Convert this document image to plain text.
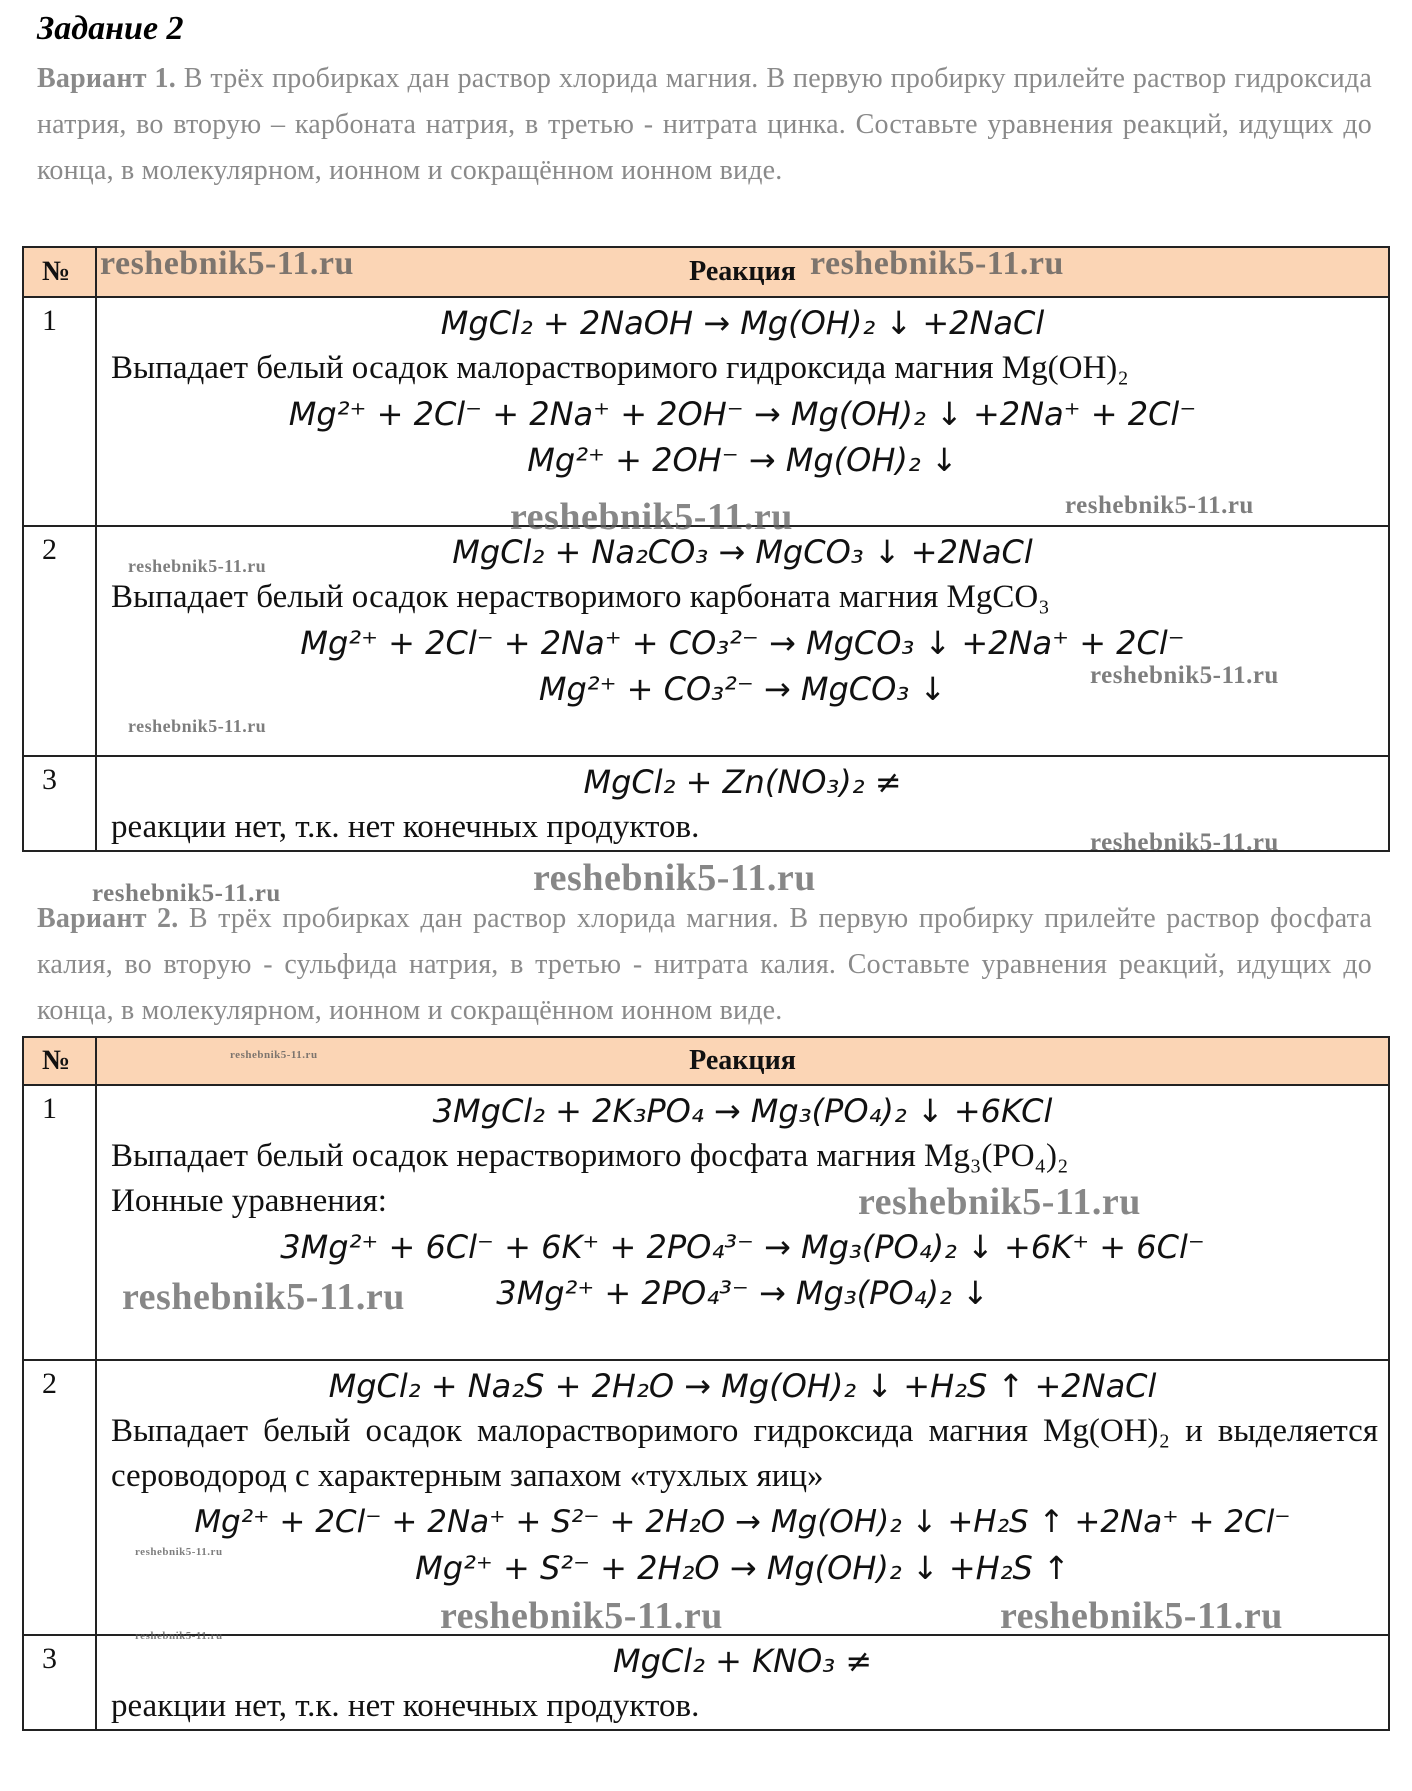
Задание 2
Вариант 1. В трёх пробирках дан раствор хлорида магния. В первую пробирку прилейте раствор гидроксида натрия, во вторую – карбоната натрия, в третью - нитрата цинка. Составьте уравнения реакций, идущих до конца, в молекулярном, ионном и сокращённом ионном виде.
№	Реакция
1	MgCl₂ + 2NaOH → Mg(OH)₂ ↓ +2NaCl
Выпадает белый осадок малорастворимого гидроксида магния Mg(OH)₂
Mg²⁺ + 2Cl⁻ + 2Na⁺ + 2OH⁻ → Mg(OH)₂ ↓ +2Na⁺ + 2Cl⁻
Mg²⁺ + 2OH⁻ → Mg(OH)₂ ↓

2	MgCl₂ + Na₂CO₃ → MgCO₃ ↓ +2NaCl
Выпадает белый осадок нерастворимого карбоната магния MgCO₃
Mg²⁺ + 2Cl⁻ + 2Na⁺ + CO₃²⁻ → MgCO₃ ↓ +2Na⁺ + 2Cl⁻
Mg²⁺ + CO₃²⁻ → MgCO₃ ↓

3	MgCl₂ + Zn(NO₃)₂ ≠
реакции нет, т.к. нет конечных продуктов.
Вариант 2. В трёх пробирках дан раствор хлорида магния. В первую пробирку прилейте раствор фосфата калия, во вторую - сульфида натрия, в третью - нитрата калия. Составьте уравнения реакций, идущих до конца, в молекулярном, ионном и сокращённом ионном виде.
№	Реакция
1	3MgCl₂ + 2K₃PO₄ → Mg₃(PO₄)₂ ↓ +6KCl
Выпадает белый осадок нерастворимого фосфата магния Mg₃(PO₄)₂
Ионные уравнения:
3Mg²⁺ + 6Cl⁻ + 6K⁺ + 2PO₄³⁻ → Mg₃(PO₄)₂ ↓ +6K⁺ + 6Cl⁻
3Mg²⁺ + 2PO₄³⁻ → Mg₃(PO₄)₂ ↓

2	MgCl₂ + Na₂S + 2H₂O → Mg(OH)₂ ↓ +H₂S ↑ +2NaCl
Выпадает белый осадок малорастворимого гидроксида магния Mg(OH)₂ и выделяется сероводород с характерным запахом «тухлых яиц»
Mg²⁺ + 2Cl⁻ + 2Na⁺ + S²⁻ + 2H₂O → Mg(OH)₂ ↓ +H₂S ↑ +2Na⁺ + 2Cl⁻
Mg²⁺ + S²⁻ + 2H₂O → Mg(OH)₂ ↓ +H₂S ↑

3	MgCl₂ + KNO₃ ≠
реакции нет, т.к. нет конечных продуктов.
reshebnik5-11.ru	reshebnik5-11.ru
reshebnik5-11.ru	reshebnik5-11.ru
reshebnik5-11.ru
reshebnik5-11.ru
reshebnik5-11.ru
reshebnik5-11.ru
reshebnik5-11.ru	reshebnik5-11.ru
reshebnik5-11.ru
reshebnik5-11.ru
reshebnik5-11.ru
reshebnik5-11.ru
reshebnik5-11.ru	reshebnik5-11.ru
reshebnik5-11.ru
